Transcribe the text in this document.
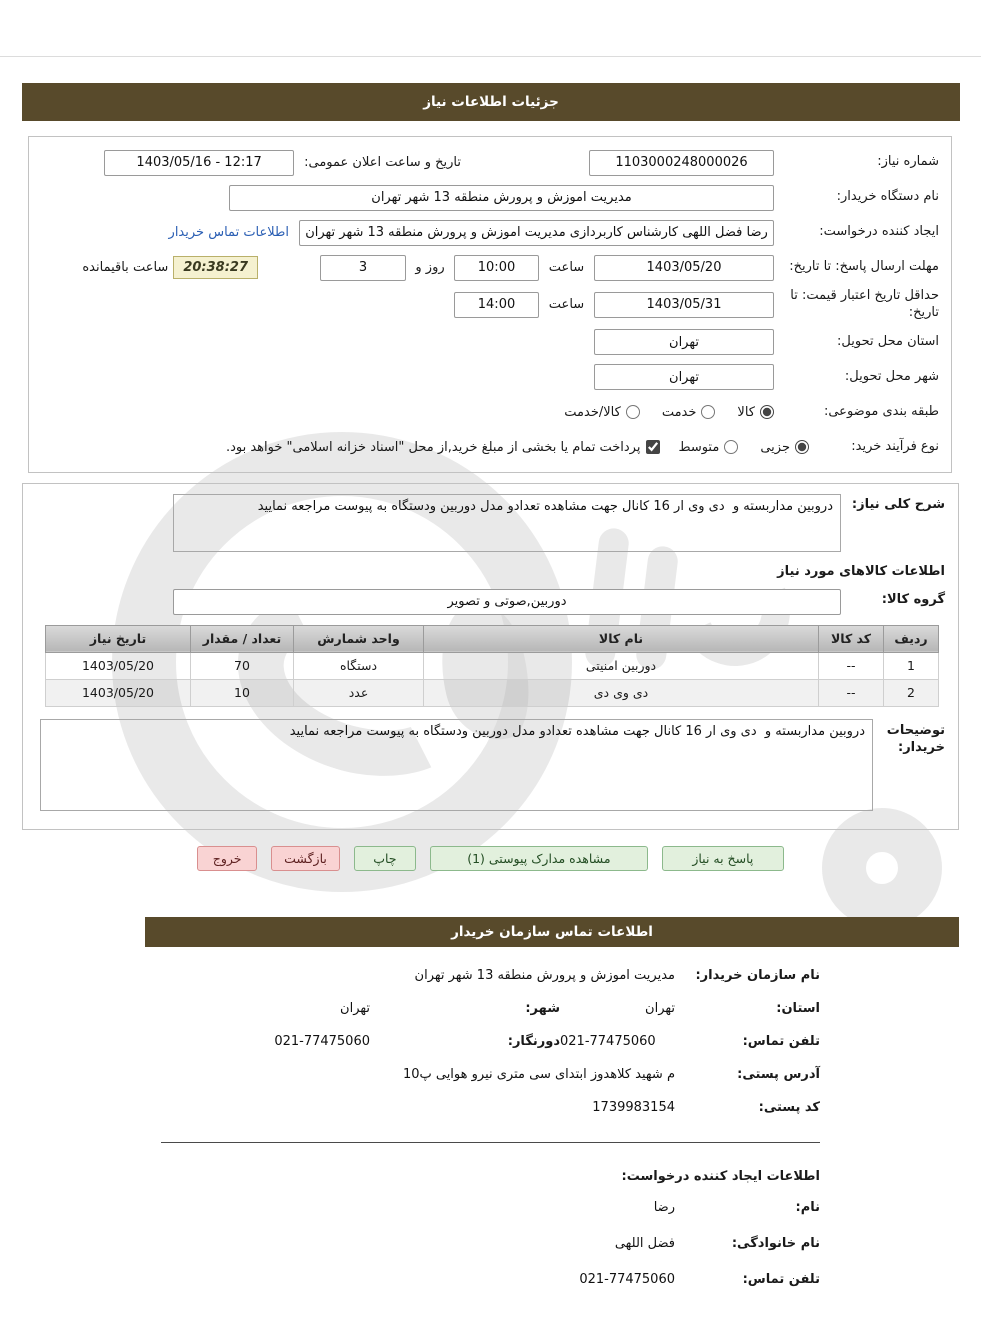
جزئیات اطلاعات نیاز
شماره نیاز:
1103000248000026
تاریخ و ساعت اعلان عمومی:
1403/05/16 - 12:17
نام دستگاه خریدار:
مدیریت اموزش و پرورش منطقه 13 شهر تهران
ایجاد کننده درخواست:
رضا فضل اللهی کارشناس کاربردازی مدیریت اموزش و پرورش منطقه 13 شهر تهران
اطلاعات تماس خریدار
مهلت ارسال پاسخ: تا تاریخ:
1403/05/20
ساعت
10:00
روز و
3
20:38:27
ساعت باقیمانده
حداقل تاریخ اعتبار قیمت: تا تاریخ:
1403/05/31
ساعت
14:00
استان محل تحویل:
تهران
شهر محل تحویل:
تهران
طبقه بندی موضوعی:
کالا
خدمت
کالا/خدمت
نوع فرآیند خرید:
جزیی
متوسط
پرداخت تمام یا بخشی از مبلغ خرید,از محل "اسناد خزانه اسلامی" خواهد بود.
شرح کلی نیاز:
دروبین مداربسته و دی وی ار 16 کانال جهت مشاهده تعدادو مدل دوربین ودستگاه به پیوست مراجعه نمایید
اطلاعات کالاهای مورد نیاز
گروه کالا:
دوربین,صوتی و تصویر
ردیف	کد کالا	نام کالا	واحد شمارش	تعداد / مقدار	تاریخ نیاز
1	--	دوربین امنیتی	دستگاه	70	1403/05/20
2	--	دی وی دی	عدد	10	1403/05/20
توضیحات خریدار:
دروبین مداربسته و دی وی ار 16 کانال جهت مشاهده تعدادو مدل دوربین ودستگاه به پیوست مراجعه نمایید
پاسخ به نیاز
مشاهده مدارک پیوستی (1)
چاپ
بازگشت
خروج
اطلاعات تماس سازمان خریدار
نام سازمان خریدار:
مدیریت اموزش و پرورش منطقه 13 شهر تهران
استان:
تهران
شهر:
تهران
تلفن تماس:
021-77475060
دورنگار:
021-77475060
آدرس پستی:
م شهید کلاهدوز ابتدای سی متری نیرو هوایی پ10
کد پستی:
1739983154
اطلاعات ایجاد کننده درخواست:
نام:
رضا
نام خانوادگی:
فضل اللهی
تلفن تماس:
021-77475060
